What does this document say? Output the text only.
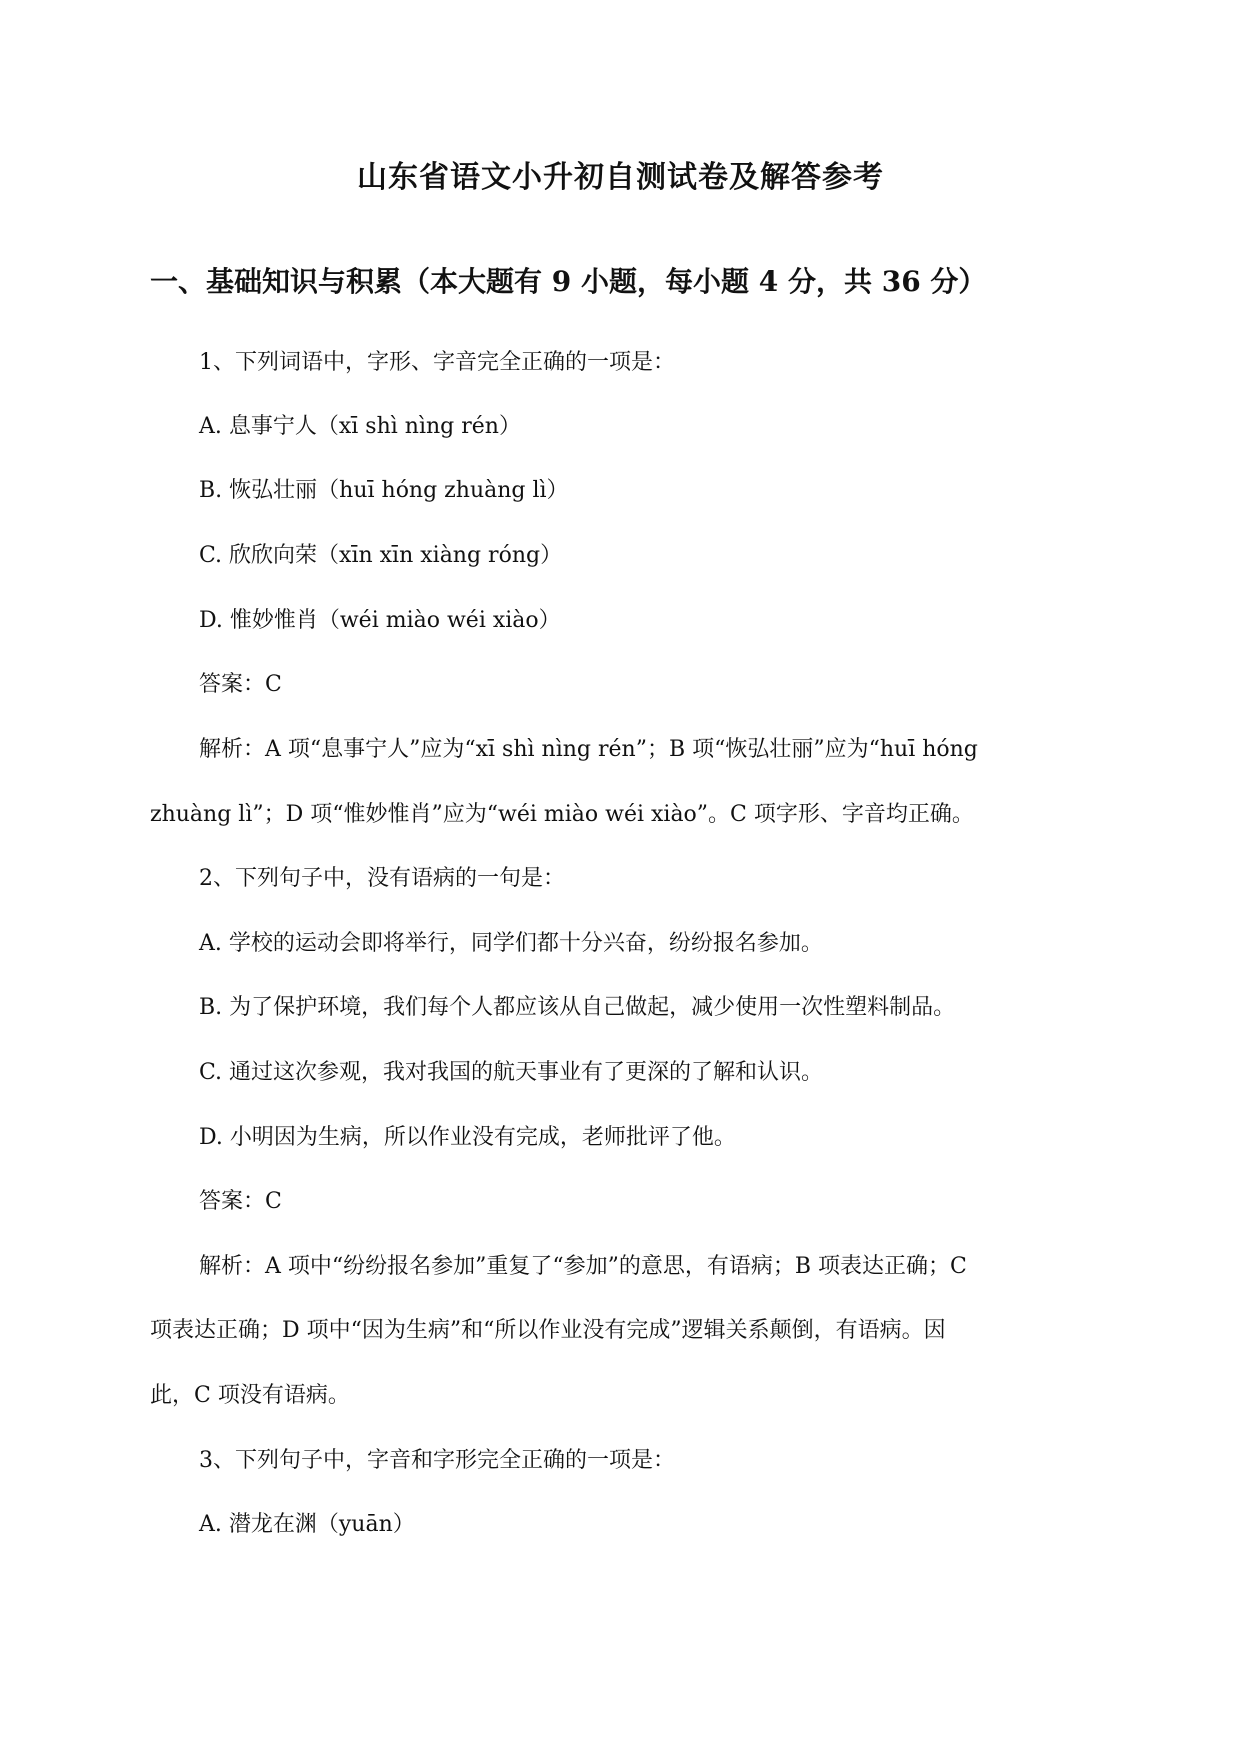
山东省语文小升初自测试卷及解答参考
一、基础知识与积累（本大题有 9 小题，每小题 4 分，共 36 分）
1、下列词语中，字形、字音完全正确的一项是：
A. 息事宁人（xī shì nìng rén）
B. 恢弘壮丽（huī hóng zhuàng lì）
C. 欣欣向荣（xīn xīn xiàng róng）
D. 惟妙惟肖（wéi miào wéi xiào）
答案：C
解析：A 项“息事宁人”应为“xī shì nìng rén”；B 项“恢弘壮丽”应为“huī hóng
zhuàng lì”；D 项“惟妙惟肖”应为“wéi miào wéi xiào”。C 项字形、字音均正确。
2、下列句子中，没有语病的一句是：
A. 学校的运动会即将举行，同学们都十分兴奋，纷纷报名参加。
B. 为了保护环境，我们每个人都应该从自己做起，减少使用一次性塑料制品。
C. 通过这次参观，我对我国的航天事业有了更深的了解和认识。
D. 小明因为生病，所以作业没有完成，老师批评了他。
答案：C
解析：A 项中“纷纷报名参加”重复了“参加”的意思，有语病；B 项表达正确；C
项表达正确；D 项中“因为生病”和“所以作业没有完成”逻辑关系颠倒，有语病。因
此，C 项没有语病。
3、下列句子中，字音和字形完全正确的一项是：
A. 潜龙在渊（yuān）
